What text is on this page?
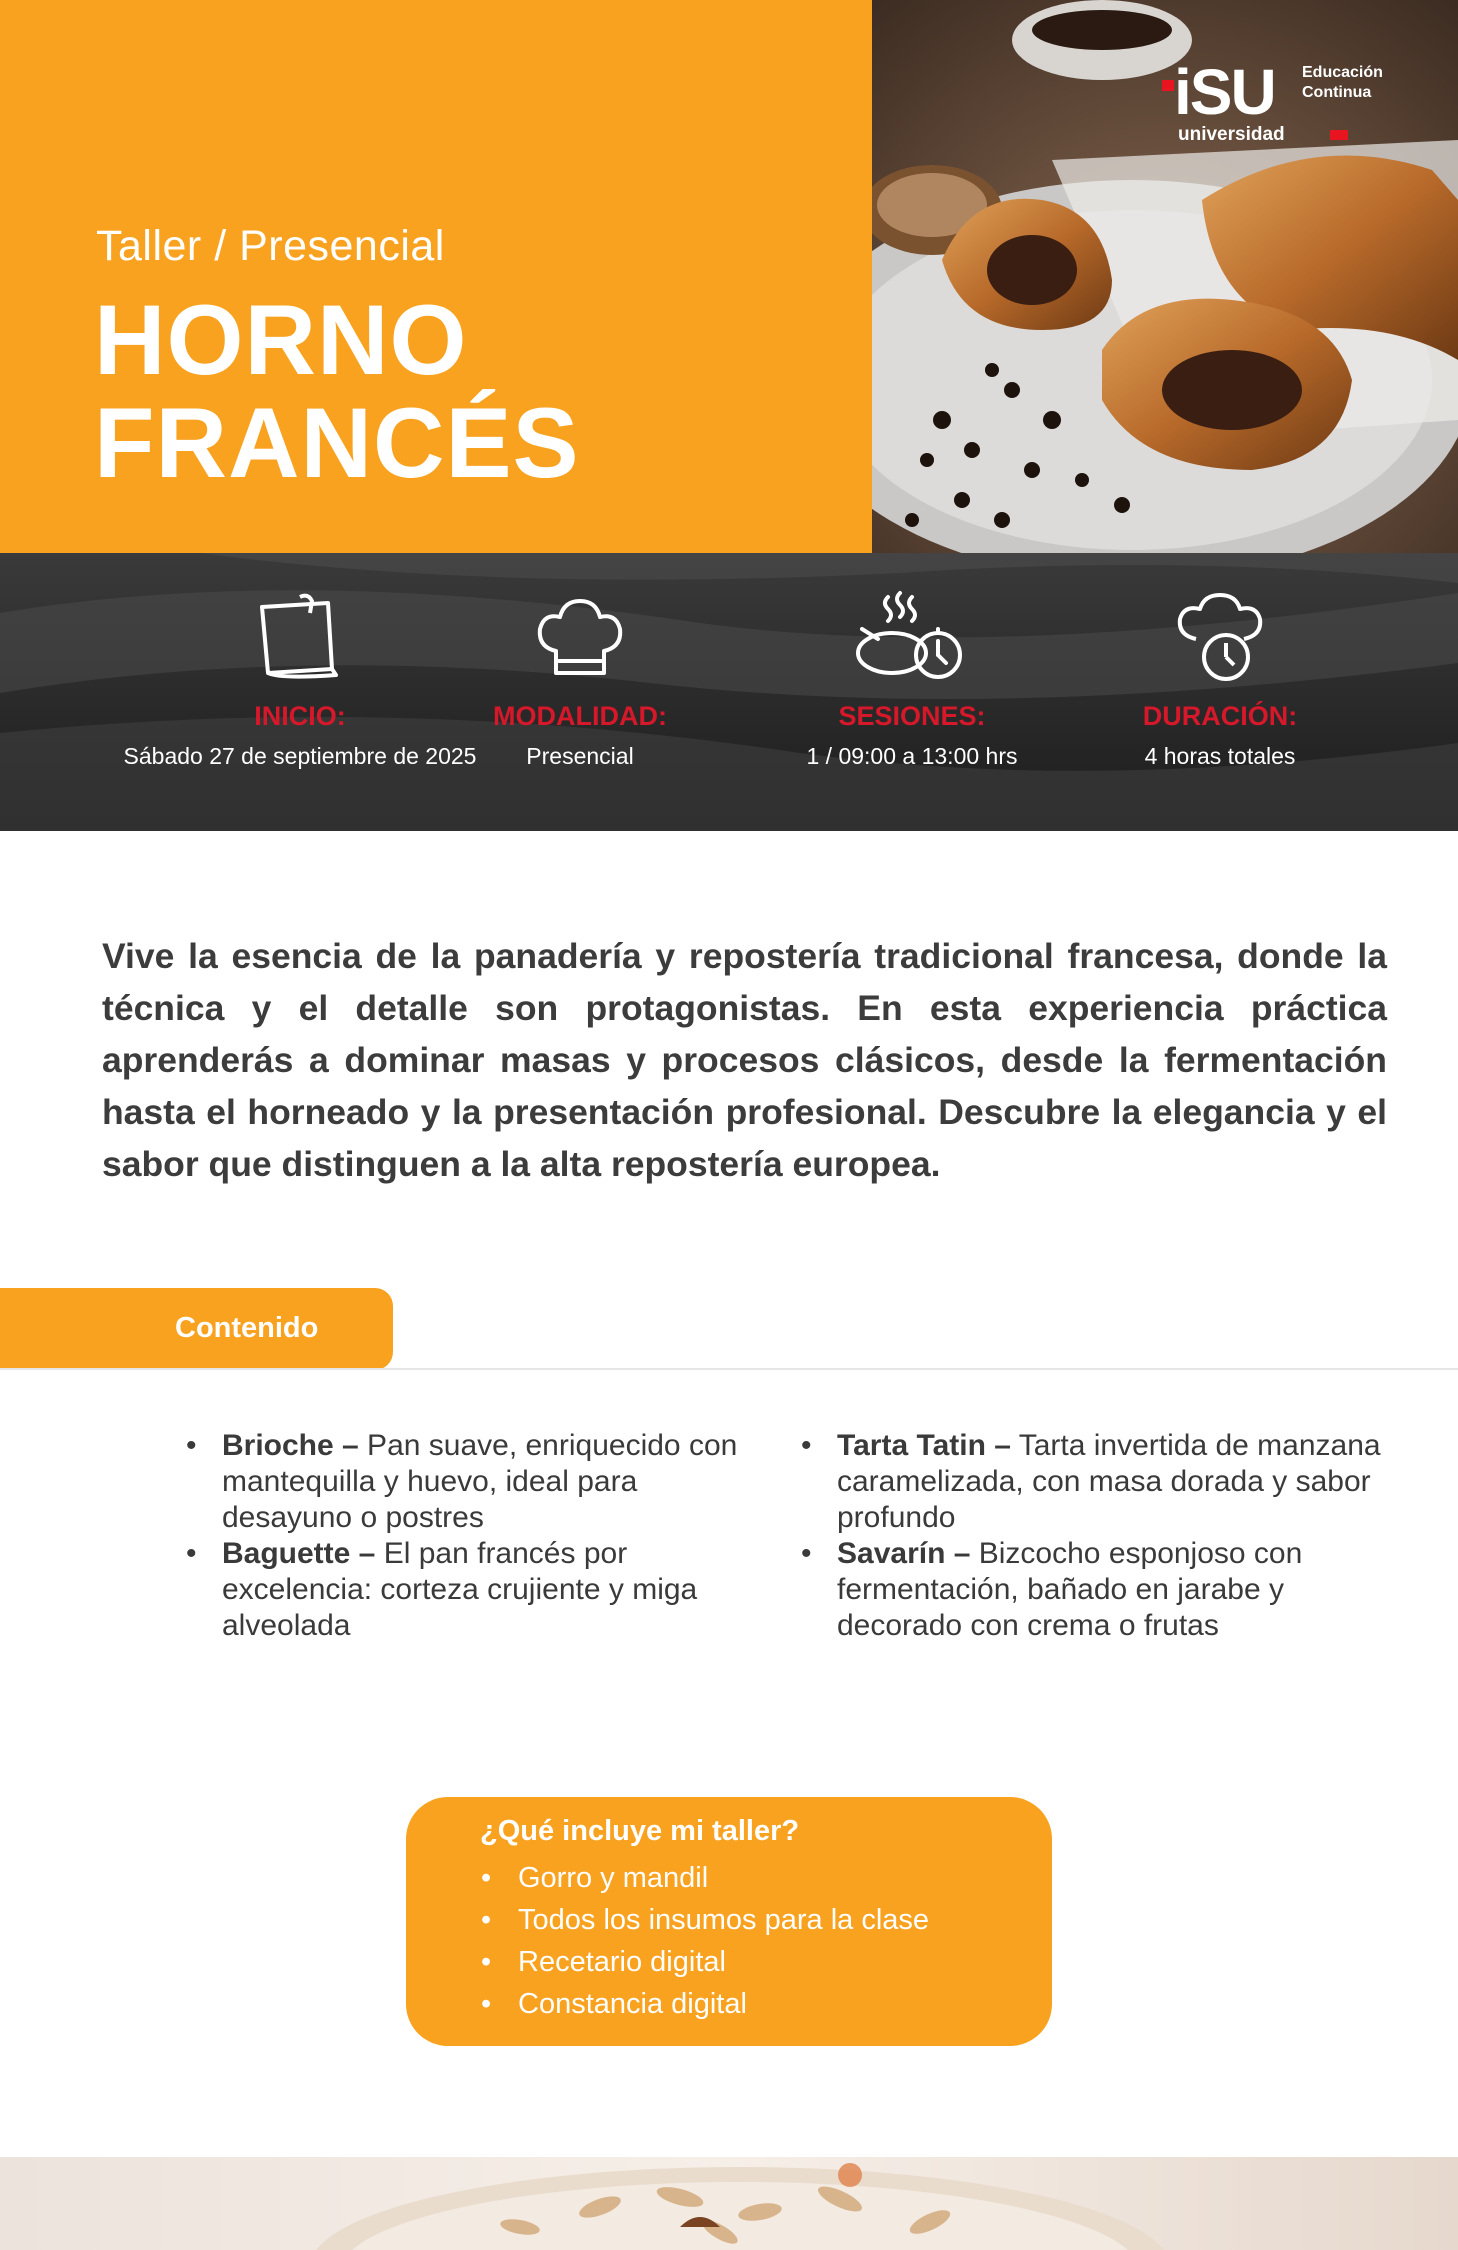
Taller / Presencial
HORNO
FRANCÉS
iSU Educación
Continua
universidad
INICIO:
Sábado 27 de septiembre de 2025
MODALIDAD:
Presencial
SESIONES:
1 / 09:00 a 13:00 hrs
DURACIÓN:
4 horas totales
Vive la esencia de la panadería y repostería tradicional francesa, donde la técnica y el detalle son protagonistas. En esta experiencia práctica aprenderás a dominar masas y procesos clásicos, desde la fermentación hasta el horneado y la presentación profesional. Descubre la elegancia y el sabor que distinguen a la alta repostería europea.
Contenido
• Brioche – Pan suave, enriquecido con mantequilla y huevo, ideal para desayuno o postres
• Baguette – El pan francés por excelencia: corteza crujiente y miga alveolada
• Tarta Tatin – Tarta invertida de manzana caramelizada, con masa dorada y sabor profundo
• Savarín – Bizcocho esponjoso con fermentación, bañado en jarabe y decorado con crema o frutas
¿Qué incluye mi taller?
• Gorro y mandil
• Todos los insumos para la clase
• Recetario digital
• Constancia digital
